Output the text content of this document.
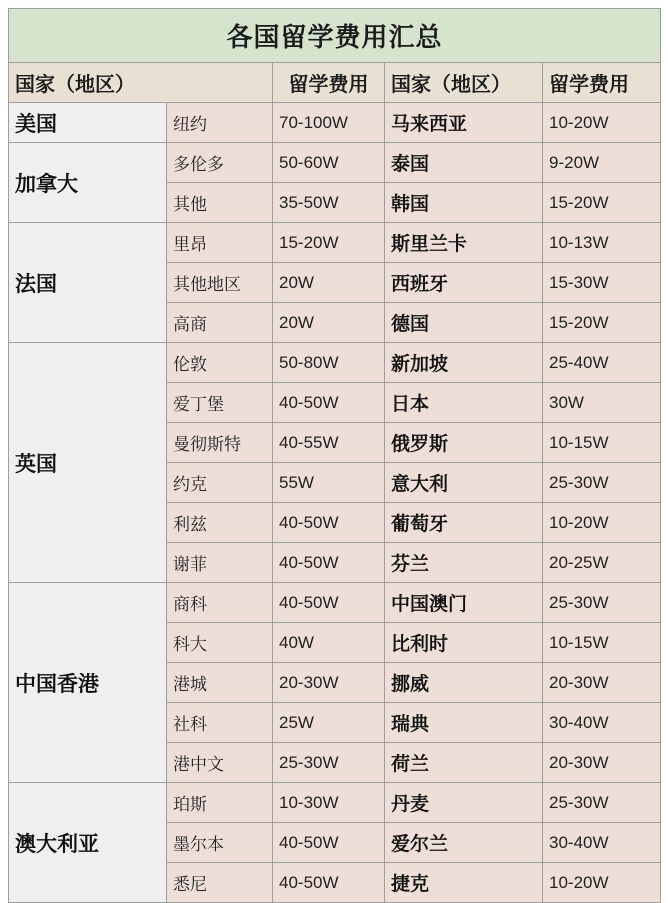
各国留学费用汇总				
国家（地区）		留学费用	国家（地区）	留学费用
美国	纽约	70-100W	马来西亚	10-20W
加拿大	多伦多	50-60W	泰国	9-20W
	其他	35-50W	韩国	15-20W
法国	里昂	15-20W	斯里兰卡	10-13W
	其他地区	20W	西班牙	15-30W
	高商	20W	德国	15-20W
英国	伦敦	50-80W	新加坡	25-40W
	爱丁堡	40-50W	日本	30W
	曼彻斯特	40-55W	俄罗斯	10-15W
	约克	55W	意大利	25-30W
	利兹	40-50W	葡萄牙	10-20W
	谢菲	40-50W	芬兰	20-25W
中国香港	商科	40-50W	中国澳门	25-30W
	科大	40W	比利时	10-15W
	港城	20-30W	挪威	20-30W
	社科	25W	瑞典	30-40W
	港中文	25-30W	荷兰	20-30W
澳大利亚	珀斯	10-30W	丹麦	25-30W
	墨尔本	40-50W	爱尔兰	30-40W
	悉尼	40-50W	捷克	10-20W
